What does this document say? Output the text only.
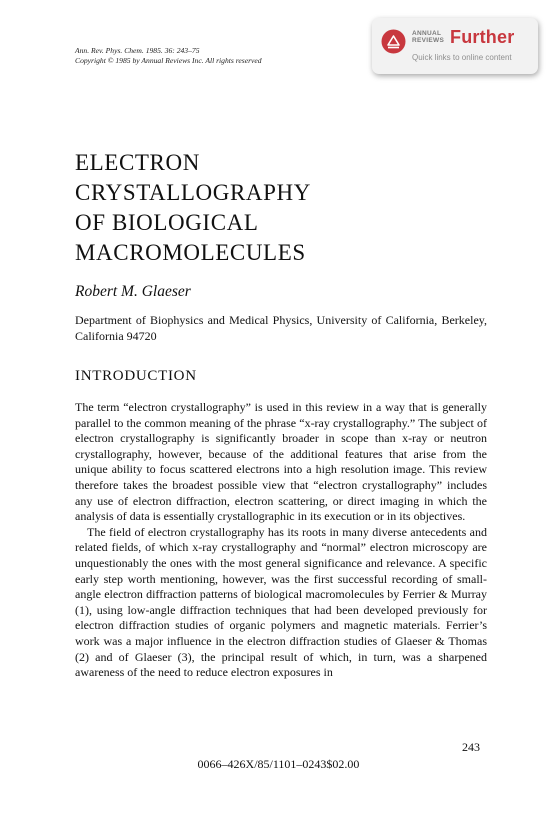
Ann. Rev. Phys. Chem. 1985. 36: 243–75
Copyright © 1985 by Annual Reviews Inc. All rights reserved
ANNUAL
REVIEWS Further
Quick links to online content
ELECTRON
CRYSTALLOGRAPHY
OF BIOLOGICAL
MACROMOLECULES
Robert M. Glaeser
Department of Biophysics and Medical Physics, University of California, Berkeley, California 94720
INTRODUCTION

The term “electron crystallography” is used in this review in a way that is generally parallel to the common meaning of the phrase “x-ray crystallography.” The subject of electron crystallography is significantly broader in scope than x-ray or neutron crystallography, however, because of the additional features that arise from the unique ability to focus scattered electrons into a high resolution image. This review therefore takes the broadest possible view that “electron crystallography” includes any use of electron diffraction, electron scattering, or direct imaging in which the analysis of data is essentially crystallographic in its execution or in its objectives.

The field of electron crystallography has its roots in many diverse antecedents and related fields, of which x-ray crystallography and “normal” electron microscopy are unquestionably the ones with the most general significance and relevance. A specific early step worth mentioning, however, was the first successful recording of small-angle electron diffraction patterns of biological macromolecules by Ferrier & Murray (1), using low-angle diffraction techniques that had been developed previously for electron diffraction studies of organic polymers and magnetic materials. Ferrier’s work was a major influence in the electron diffraction studies of Glaeser & Thomas (2) and of Glaeser (3), the principal result of which, in turn, was a sharpened awareness of the need to reduce electron exposures in

243
0066–426X/85/1101–0243$02.00
